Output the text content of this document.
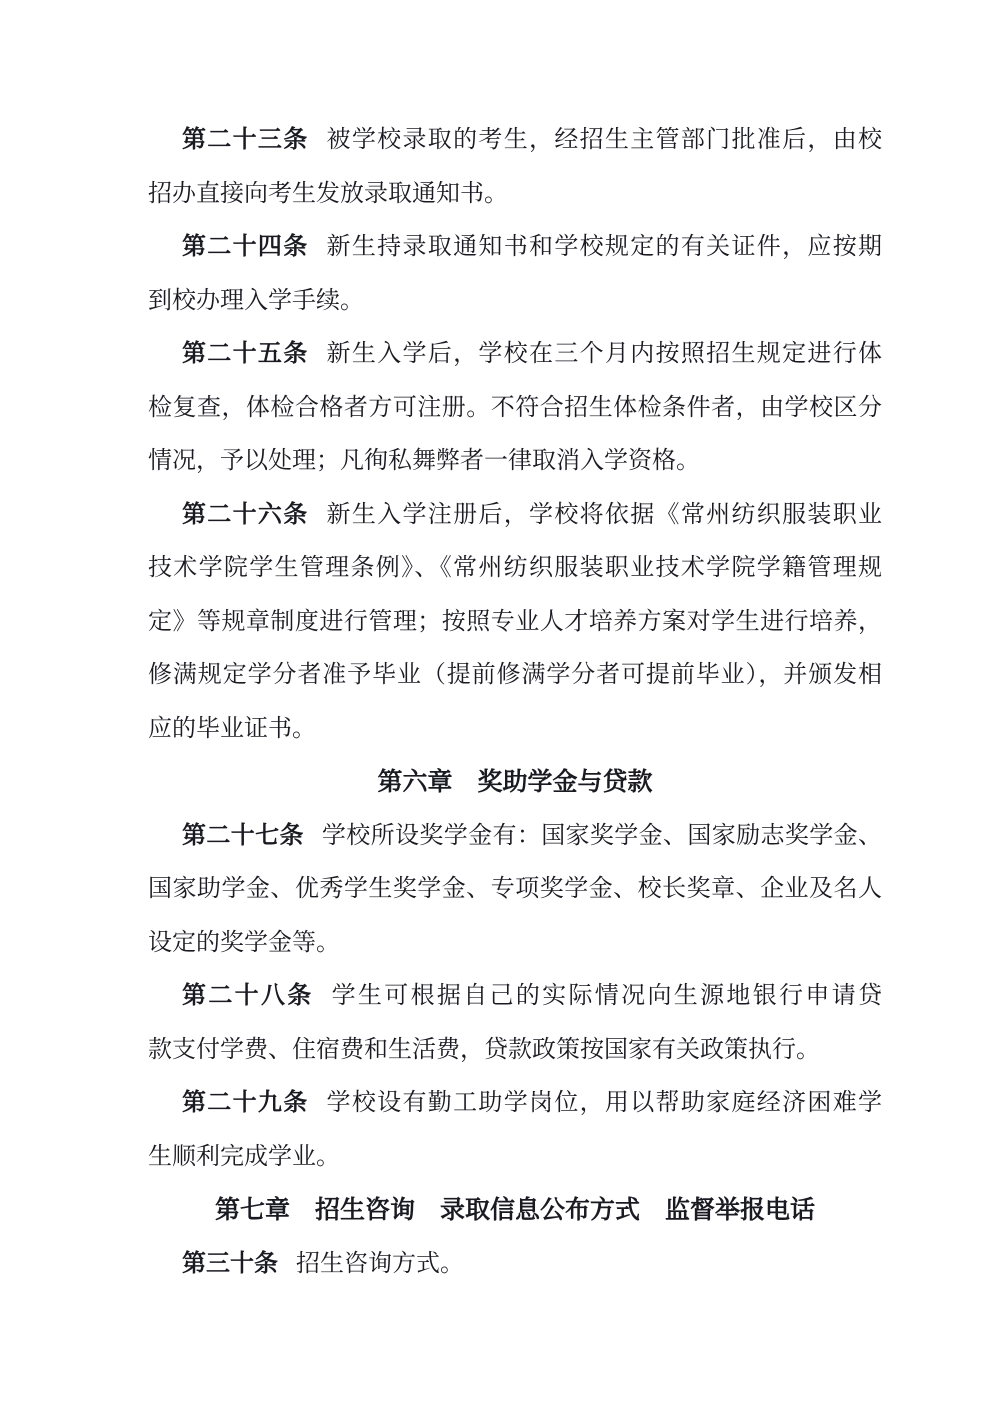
第二十三条 被学校录取的考生，经招生主管部门批准后，由校
招办直接向考生发放录取通知书。
第二十四条 新生持录取通知书和学校规定的有关证件，应按期
到校办理入学手续。
第二十五条 新生入学后，学校在三个月内按照招生规定进行体
检复查，体检合格者方可注册。不符合招生体检条件者，由学校区分
情况，予以处理；凡徇私舞弊者一律取消入学资格。
第二十六条 新生入学注册后，学校将依据《常州纺织服装职业
技术学院学生管理条例》、《常州纺织服装职业技术学院学籍管理规
定》等规章制度进行管理；按照专业人才培养方案对学生进行培养，
修满规定学分者准予毕业（提前修满学分者可提前毕业），并颁发相
应的毕业证书。
第六章　奖助学金与贷款
第二十七条 学校所设奖学金有：国家奖学金、国家励志奖学金、
国家助学金、优秀学生奖学金、专项奖学金、校长奖章、企业及名人
设定的奖学金等。
第二十八条 学生可根据自己的实际情况向生源地银行申请贷
款支付学费、住宿费和生活费，贷款政策按国家有关政策执行。
第二十九条 学校设有勤工助学岗位，用以帮助家庭经济困难学
生顺利完成学业。
第七章　招生咨询　录取信息公布方式　监督举报电话
第三十条 招生咨询方式。
